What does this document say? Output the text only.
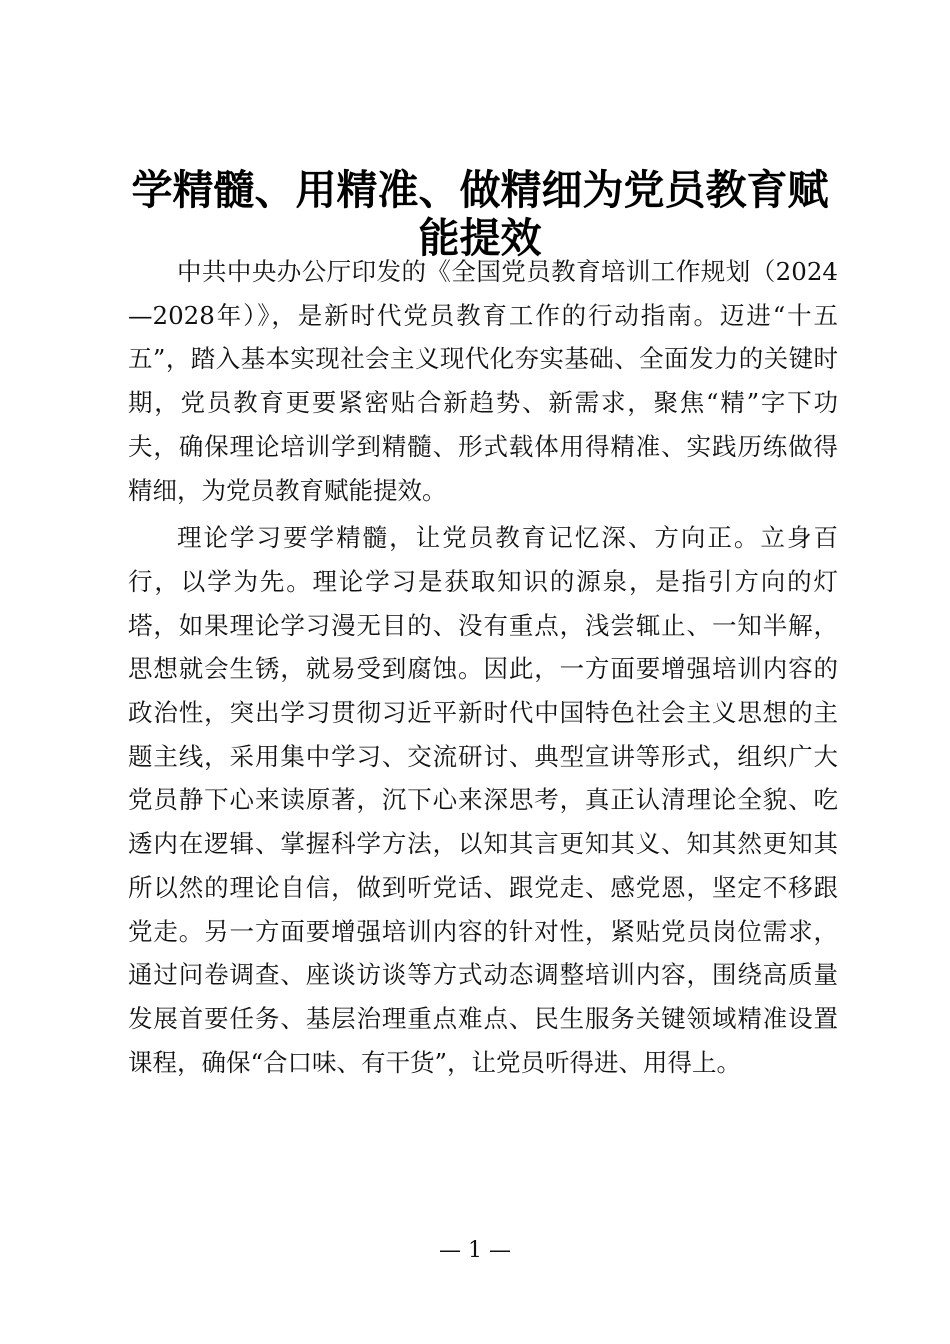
学精髓、用精准、做精细为党员教育赋
能提效

中共中央办公厅印发的《全国党员教育培训工作规划（2024—2028年）》，是新时代党员教育工作的行动指南。迈进“十五五”，踏入基本实现社会主义现代化夯实基础、全面发力的关键时期，党员教育更要紧密贴合新趋势、新需求，聚焦“精”字下功夫，确保理论培训学到精髓、形式载体用得精准、实践历练做得精细，为党员教育赋能提效。

理论学习要学精髓，让党员教育记忆深、方向正。立身百行，以学为先。理论学习是获取知识的源泉，是指引方向的灯塔，如果理论学习漫无目的、没有重点，浅尝辄止、一知半解，思想就会生锈，就易受到腐蚀。因此，一方面要增强培训内容的政治性，突出学习贯彻习近平新时代中国特色社会主义思想的主题主线，采用集中学习、交流研讨、典型宣讲等形式，组织广大党员静下心来读原著，沉下心来深思考，真正认清理论全貌、吃透内在逻辑、掌握科学方法，以知其言更知其义、知其然更知其所以然的理论自信，做到听党话、跟党走、感党恩，坚定不移跟党走。另一方面要增强培训内容的针对性，紧贴党员岗位需求，通过问卷调查、座谈访谈等方式动态调整培训内容，围绕高质量发展首要任务、基层治理重点难点、民生服务关键领域精准设置课程，确保“合口味、有干货”，让党员听得进、用得上。

— 1 —
